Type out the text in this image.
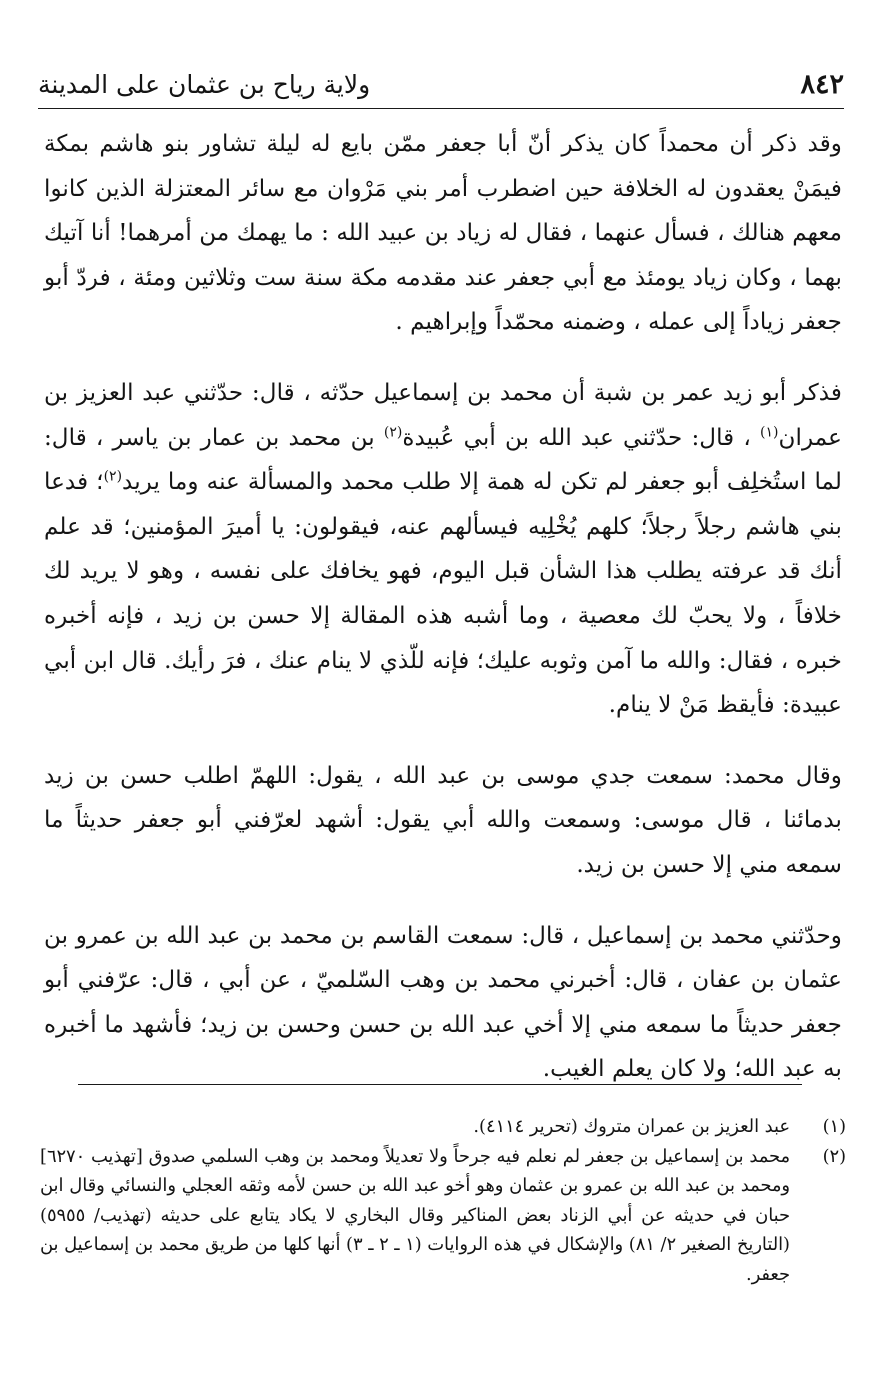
٨٤٢
ولاية رياح بن عثمان على المدينة

وقد ذكر أن محمداً كان يذكر أنّ أبا جعفر ممّن بايع له ليلة تشاور بنو هاشم بمكة فيمَنْ يعقدون له الخلافة حين اضطرب أمر بني مَرْوان مع سائر المعتزلة الذين كانوا معهم هنالك ، فسأل عنهما ، فقال له زياد بن عبيد الله : ما يهمك من أمرهما! أنا آتيك بهما ، وكان زياد يومئذ مع أبي جعفر عند مقدمه مكة سنة ست وثلاثين ومئة ، فردّ أبو جعفر زياداً إلى عمله ، وضمنه محمّداً وإبراهيم .

فذكر أبو زيد عمر بن شبة أن محمد بن إسماعيل حدّثه ، قال: حدّثني عبد العزيز بن عمران$^{(١)}$ ، قال: حدّثني عبد الله بن أبي عُبيدة$^{(٢)}$ بن محمد بن عمار بن ياسر ، قال: لما استُخلِف أبو جعفر لم تكن له همة إلا طلب محمد والمسألة عنه وما يريد$^{(٢)}$؛ فدعا بني هاشم رجلاً رجلاً؛ كلهم يُخْلِيه فيسألهم عنه، فيقولون: يا أميرَ المؤمنين؛ قد علم أنك قد عرفته يطلب هذا الشأن قبل اليوم، فهو يخافك على نفسه ، وهو لا يريد لك خلافاً ، ولا يحبّ لك معصية ، وما أشبه هذه المقالة إلا حسن بن زيد ، فإنه أخبره خبره ، فقال: والله ما آمن وثوبه عليك؛ فإنه للّذي لا ينام عنك ، فرَ رأيك. قال ابن أبي عبيدة: فأيقظ مَنْ لا ينام.

وقال محمد: سمعت جدي موسى بن عبد الله ، يقول: اللهمّ اطلب حسن بن زيد بدمائنا ، قال موسى: وسمعت والله أبي يقول: أشهد لعرّفني أبو جعفر حديثاً ما سمعه مني إلا حسن بن زيد.

وحدّثني محمد بن إسماعيل ، قال: سمعت القاسم بن محمد بن عبد الله بن عمرو بن عثمان بن عفان ، قال: أخبرني محمد بن وهب السّلميّ ، عن أبي ، قال: عرّفني أبو جعفر حديثاً ما سمعه مني إلا أخي عبد الله بن حسن وحسن بن زيد؛ فأشهد ما أخبره به عبد الله؛ ولا كان يعلم الغيب.

(١)
عبد العزيز بن عمران متروك (تحرير ٤١١٤).
(٢)
محمد بن إسماعيل بن جعفر لم نعلم فيه جرحاً ولا تعديلاً ومحمد بن وهب السلمي صدوق [تهذيب ٦٢٧٠] ومحمد بن عبد الله بن عمرو بن عثمان وهو أخو عبد الله بن حسن لأمه وثقه العجلي والنسائي وقال ابن حبان في حديثه عن أبي الزناد بعض المناكير وقال البخاري لا يكاد يتابع على حديثه (تهذيب/ ٥٩٥٥) (التاريخ الصغير ٢/ ٨١) والإشكال في هذه الروايات (١ ـ ٢ ـ ٣) أنها كلها من طريق محمد بن إسماعيل بن جعفر.
